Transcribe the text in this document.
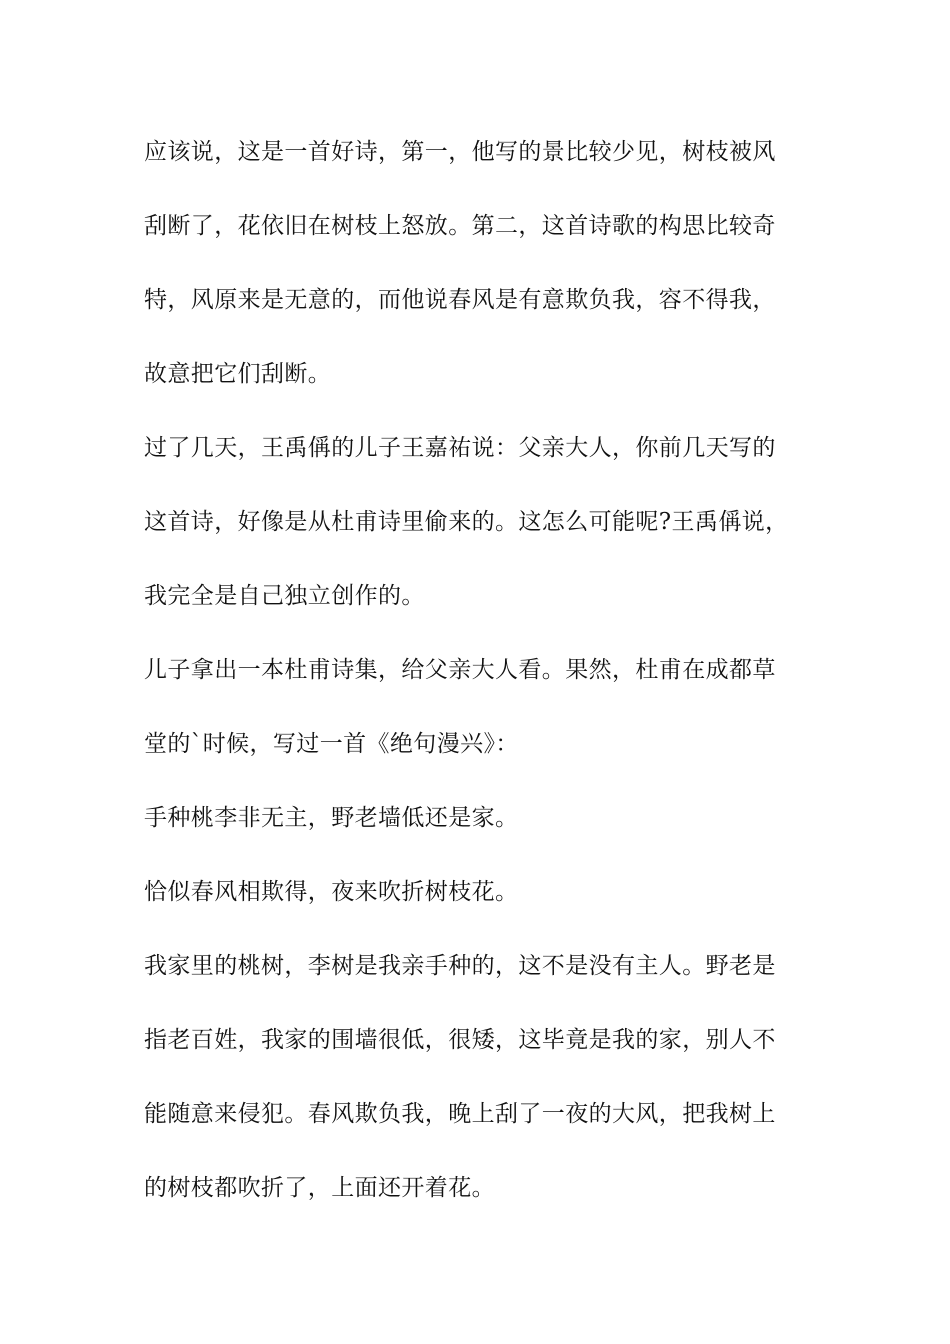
应该说，这是一首好诗，第一，他写的景比较少见，树枝被风
刮断了，花依旧在树枝上怒放。第二，这首诗歌的构思比较奇
特，风原来是无意的，而他说春风是有意欺负我，容不得我，
故意把它们刮断。
过了几天，王禹偁的儿子王嘉祐说：父亲大人，你前几天写的
这首诗，好像是从杜甫诗里偷来的。这怎么可能呢?王禹偁说，
我完全是自己独立创作的。
儿子拿出一本杜甫诗集，给父亲大人看。果然，杜甫在成都草
堂的`时候，写过一首《绝句漫兴》：
手种桃李非无主，野老墙低还是家。
恰似春风相欺得，夜来吹折树枝花。
我家里的桃树，李树是我亲手种的，这不是没有主人。野老是
指老百姓，我家的围墙很低，很矮，这毕竟是我的家，别人不
能随意来侵犯。春风欺负我，晚上刮了一夜的大风，把我树上
的树枝都吹折了，上面还开着花。
